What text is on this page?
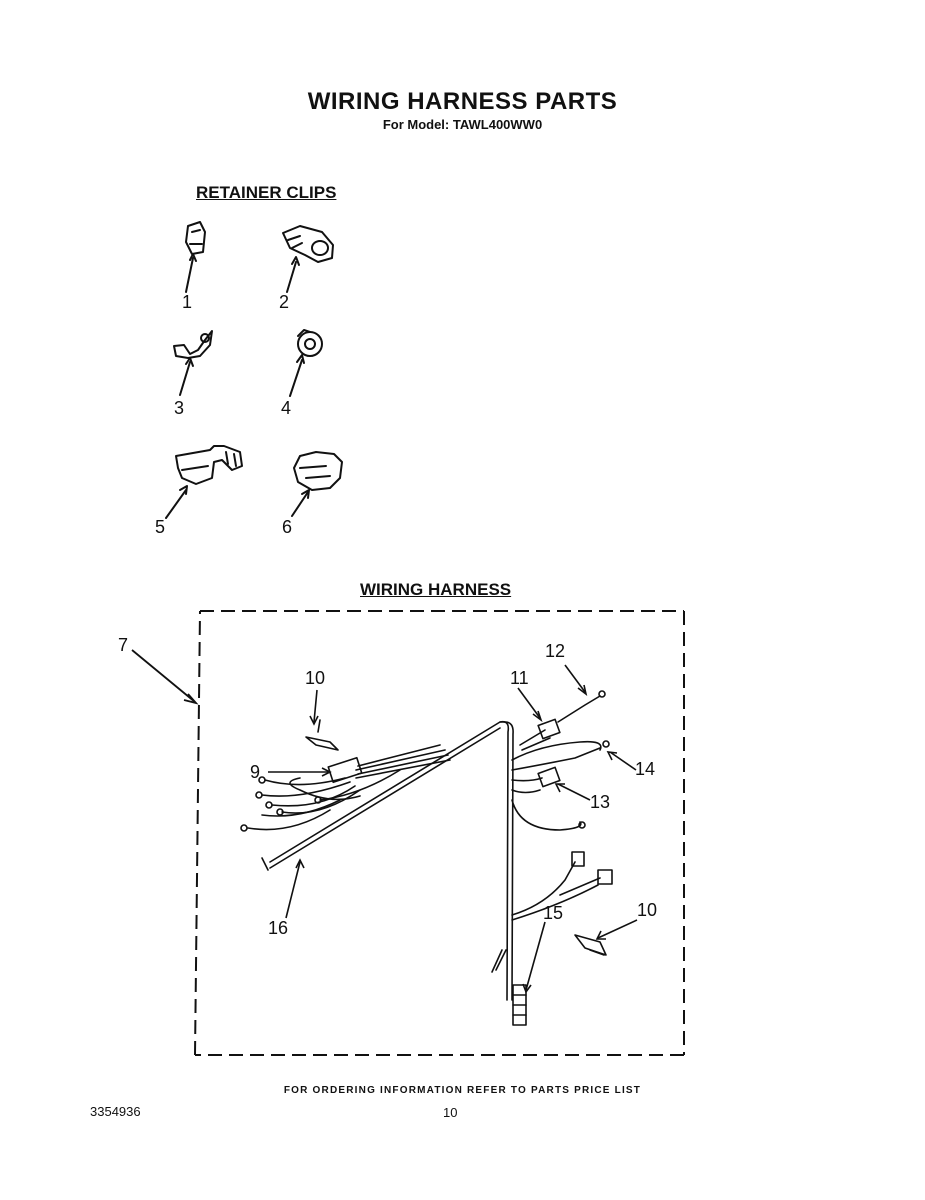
WIRING HARNESS PARTS
For Model: TAWL400WW0
RETAINER CLIPS
1	2
3	4
5	6
WIRING HARNESS
7
9
10
10
11
12
13
14
15
16
FOR ORDERING INFORMATION REFER TO PARTS PRICE LIST
3354936	10
